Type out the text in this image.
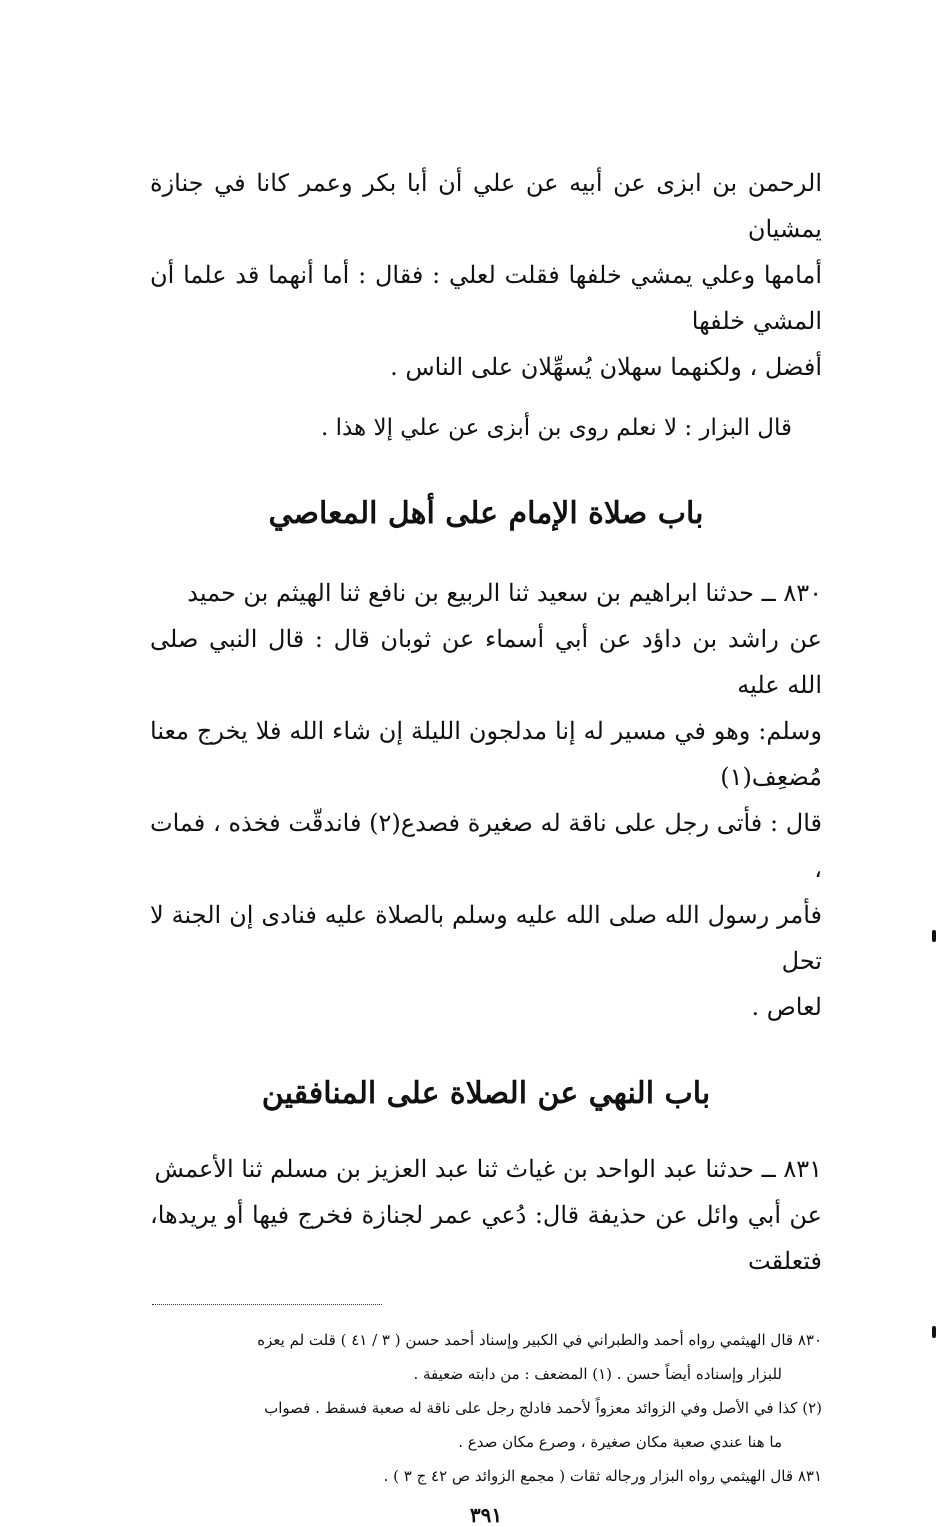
الرحمن بن ابزى عن أبيه عن علي أن أبا بكر وعمر كانا في جنازة يمشيان
أمامها وعلي يمشي خلفها فقلت لعلي : فقال : أما أنهما قد علما أن المشي خلفها
أفضل ، ولكنهما سهلان يُسهِّلان على الناس .

قال البزار : لا نعلم روى بن أبزى عن علي إلا هذا .

باب صلاة الإمام على أهل المعاصي

٨٣٠ ــ حدثنا ابراهيم بن سعيد ثنا الربيع بن نافع ثنا الهيثم بن حميد
عن راشد بن داؤد عن أبي أسماء عن ثوبان قال : قال النبي صلى الله عليه
وسلم: وهو في مسير له إنا مدلجون الليلة إن شاء الله فلا يخرج معنا مُضعِف(١)
قال : فأتى رجل على ناقة له صغيرة فصدع(٢) فاندقّت فخذه ، فمات ،
فأمر رسول الله صلى الله عليه وسلم بالصلاة عليه فنادى إن الجنة لا تحل
لعاص .

باب النهي عن الصلاة على المنافقين

٨٣١ ــ حدثنا عبد الواحد بن غياث ثنا عبد العزيز بن مسلم ثنا الأعمش
عن أبي وائل عن حذيفة قال: دُعي عمر لجنازة فخرج فيها أو يريدها، فتعلقت

٨٣٠ قال الهيثمي رواه أحمد والطبراني في الكبير وإسناد أحمد حسن ( ٣ / ٤١ ) قلت لم يعزه

للبزار وإسناده أيضاً حسن . (١) المضعف : من دابته ضعيفة .

(٢) كذا في الأصل وفي الزوائد معزواً لأحمد فادلج رجل على ناقة له صعبة فسقط . فصواب

ما هنا عندي صعبة مكان صغيرة ، وصرع مكان صدع .

٨٣١ قال الهيثمي رواه البزار ورجاله ثقات ( مجمع الزوائد ص ٤٢ ج ٣ ) .

٣٩١
